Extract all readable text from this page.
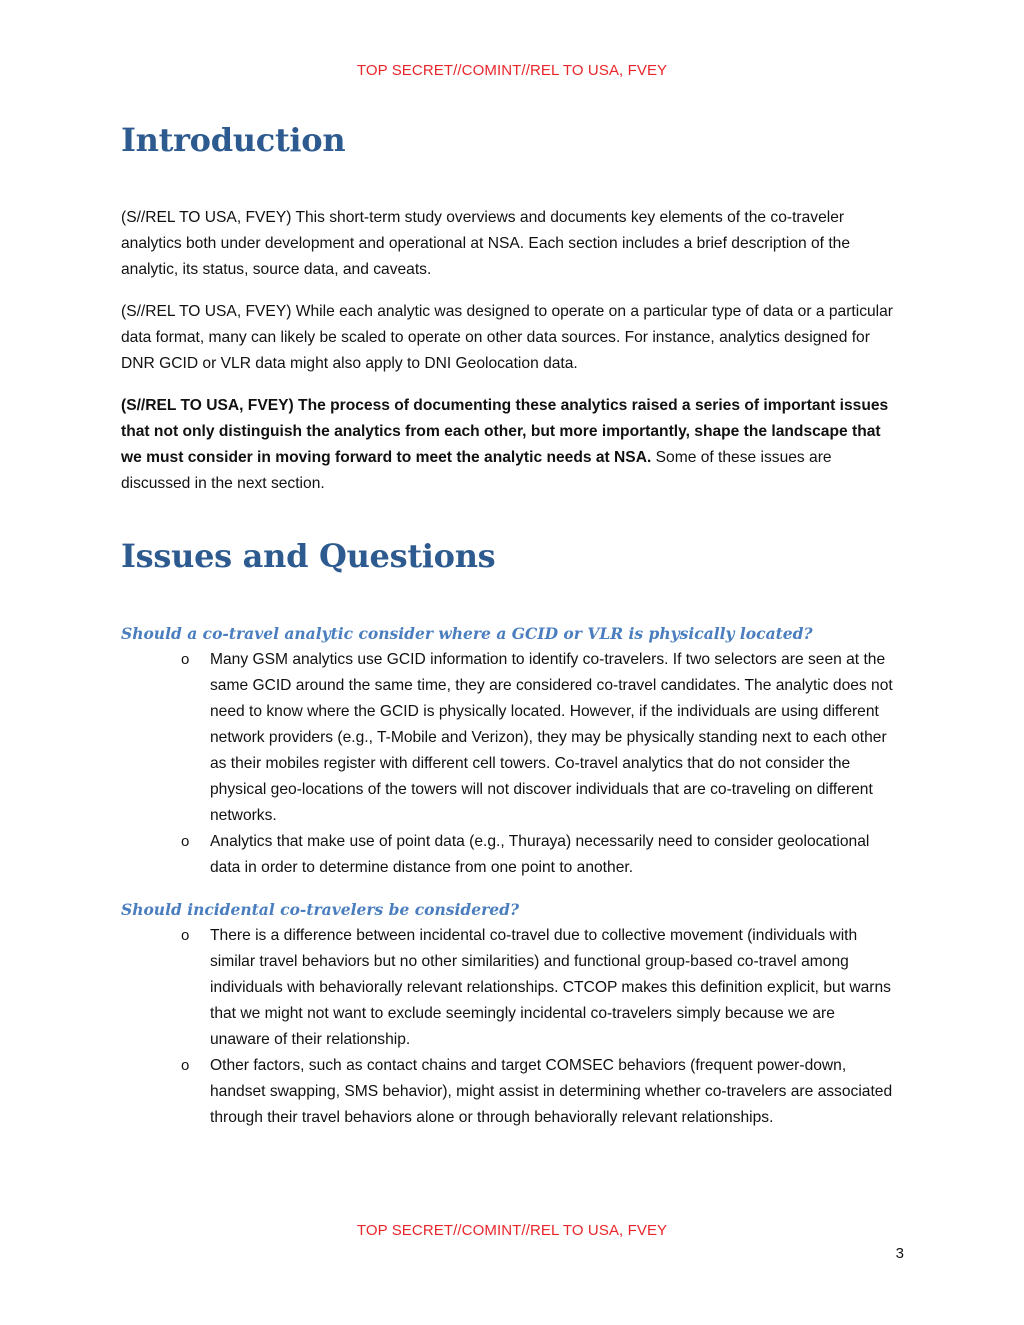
TOP SECRET//COMINT//REL TO USA, FVEY
Introduction

(S//REL TO USA, FVEY) This short-term study overviews and documents key elements of the co-traveler analytics both under development and operational at NSA. Each section includes a brief description of the analytic, its status, source data, and caveats.

(S//REL TO USA, FVEY) While each analytic was designed to operate on a particular type of data or a particular data format, many can likely be scaled to operate on other data sources. For instance, analytics designed for DNR GCID or VLR data might also apply to DNI Geolocation data.

(S//REL TO USA, FVEY) The process of documenting these analytics raised a series of important issues that not only distinguish the analytics from each other, but more importantly, shape the landscape that we must consider in moving forward to meet the analytic needs at NSA. Some of these issues are discussed in the next section.

Issues and Questions
Should a co-travel analytic consider where a GCID or VLR is physically located?
o Many GSM analytics use GCID information to identify co-travelers. If two selectors are seen at the same GCID around the same time, they are considered co-travel candidates. The analytic does not need to know where the GCID is physically located. However, if the individuals are using different network providers (e.g., T-Mobile and Verizon), they may be physically standing next to each other as their mobiles register with different cell towers. Co-travel analytics that do not consider the physical geo-locations of the towers will not discover individuals that are co-traveling on different networks.
o Analytics that make use of point data (e.g., Thuraya) necessarily need to consider geolocational data in order to determine distance from one point to another.
Should incidental co-travelers be considered?
o There is a difference between incidental co-travel due to collective movement (individuals with similar travel behaviors but no other similarities) and functional group-based co-travel among individuals with behaviorally relevant relationships. CTCOP makes this definition explicit, but warns that we might not want to exclude seemingly incidental co-travelers simply because we are unaware of their relationship.
o Other factors, such as contact chains and target COMSEC behaviors (frequent power-down, handset swapping, SMS behavior), might assist in determining whether co-travelers are associated through their travel behaviors alone or through behaviorally relevant relationships.
TOP SECRET//COMINT//REL TO USA, FVEY
3
